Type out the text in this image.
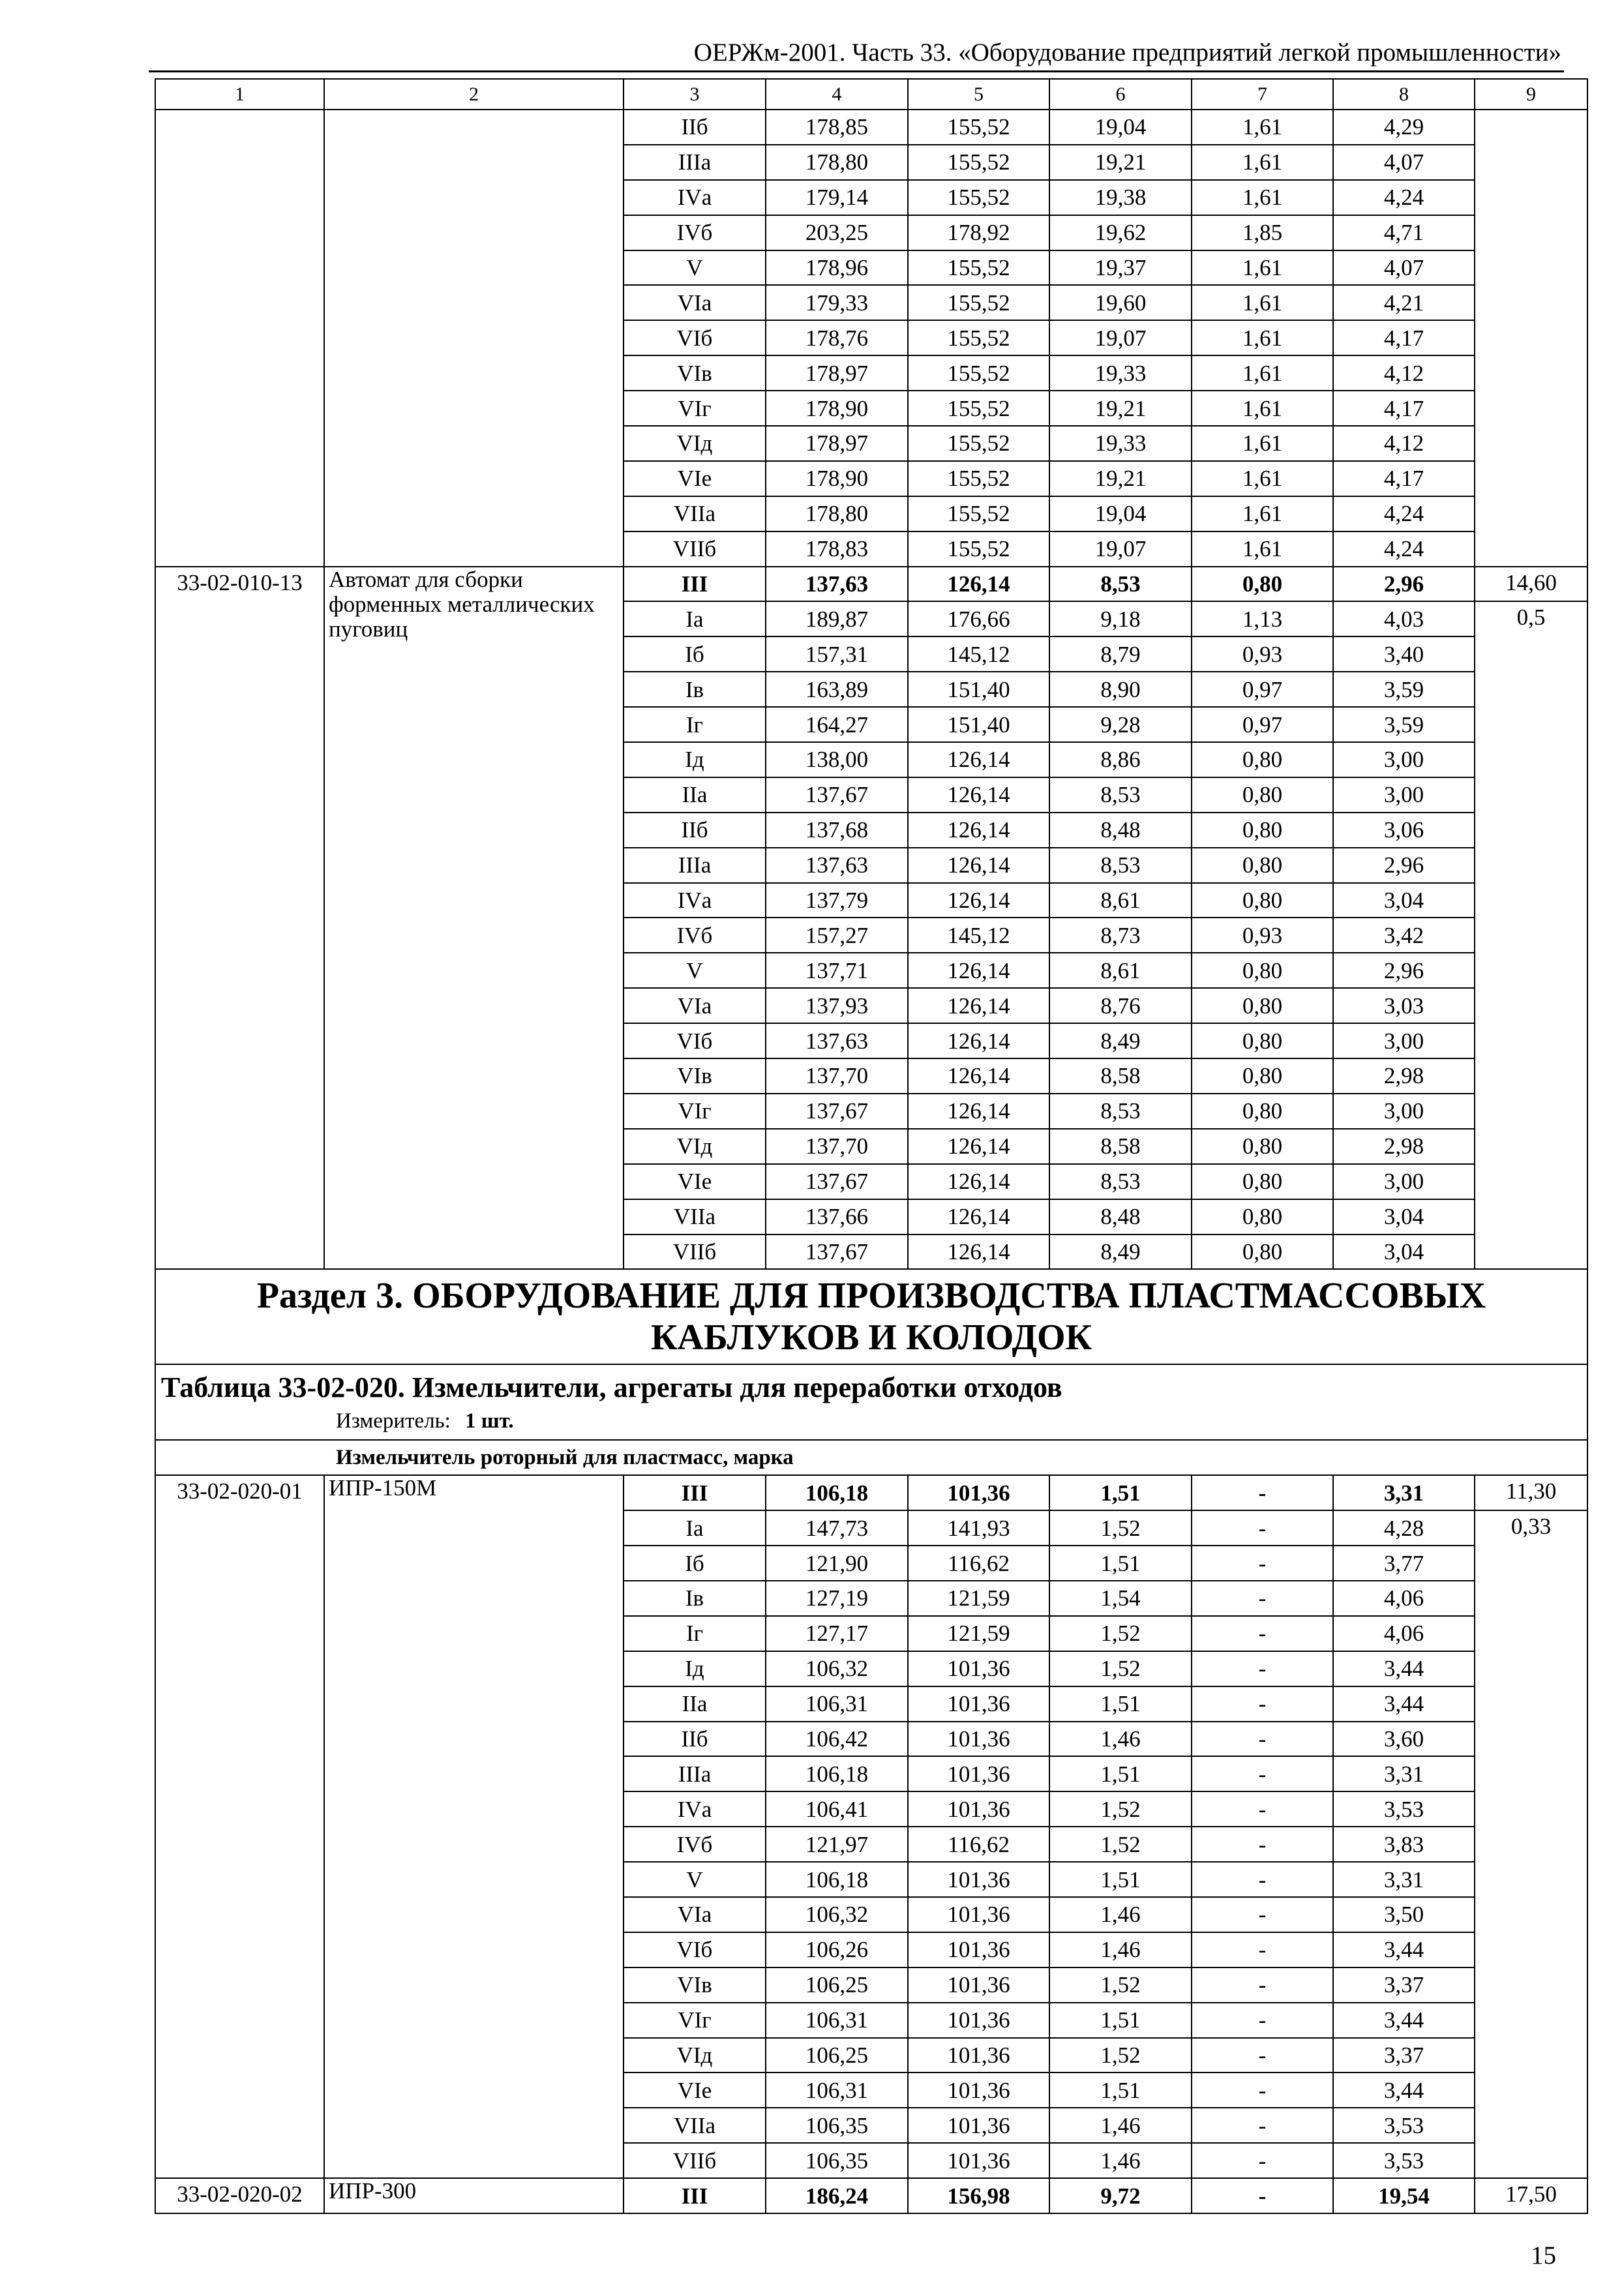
ОЕРЖм-2001. Часть 33. «Оборудование предприятий легкой промышленности»
1	2	3	4	5	6	7	8	9
		IIб	178,85	155,52	19,04	1,61	4,29	
		IIIа	178,80	155,52	19,21	1,61	4,07	
		IVа	179,14	155,52	19,38	1,61	4,24	
		IVб	203,25	178,92	19,62	1,85	4,71	
		V	178,96	155,52	19,37	1,61	4,07	
		VIа	179,33	155,52	19,60	1,61	4,21	
		VIб	178,76	155,52	19,07	1,61	4,17	
		VIв	178,97	155,52	19,33	1,61	4,12	
		VIг	178,90	155,52	19,21	1,61	4,17	
		VIд	178,97	155,52	19,33	1,61	4,12	
		VIе	178,90	155,52	19,21	1,61	4,17	
		VIIа	178,80	155,52	19,04	1,61	4,24	
		VIIб	178,83	155,52	19,07	1,61	4,24	
33-02-010-13	Автомат для сборки форменных металлических пуговиц	III	137,63	126,14	8,53	0,80	2,96	14,60
		Iа	189,87	176,66	9,18	1,13	4,03	0,5
		Iб	157,31	145,12	8,79	0,93	3,40	
		Iв	163,89	151,40	8,90	0,97	3,59	
		Iг	164,27	151,40	9,28	0,97	3,59	
		Iд	138,00	126,14	8,86	0,80	3,00	
		IIа	137,67	126,14	8,53	0,80	3,00	
		IIб	137,68	126,14	8,48	0,80	3,06	
		IIIа	137,63	126,14	8,53	0,80	2,96	
		IVа	137,79	126,14	8,61	0,80	3,04	
		IVб	157,27	145,12	8,73	0,93	3,42	
		V	137,71	126,14	8,61	0,80	2,96	
		VIа	137,93	126,14	8,76	0,80	3,03	
		VIб	137,63	126,14	8,49	0,80	3,00	
		VIв	137,70	126,14	8,58	0,80	2,98	
		VIг	137,67	126,14	8,53	0,80	3,00	
		VIд	137,70	126,14	8,58	0,80	2,98	
		VIе	137,67	126,14	8,53	0,80	3,00	
		VIIа	137,66	126,14	8,48	0,80	3,04	
		VIIб	137,67	126,14	8,49	0,80	3,04	
Раздел 3. ОБОРУДОВАНИЕ ДЛЯ ПРОИЗВОДСТВА ПЛАСТМАССОВЫХ КАБЛУКОВ И КОЛОДОК								

Таблица 33-02-020. Измельчители, агрегаты для переработки отходов
Измеритель: 1 шт.								

Измельчитель роторный для пластмасс, марка								
33-02-020-01	ИПР-150М	III	106,18	101,36	1,51	-	3,31	11,30
		Iа	147,73	141,93	1,52	-	4,28	0,33
		Iб	121,90	116,62	1,51	-	3,77	
		Iв	127,19	121,59	1,54	-	4,06	
		Iг	127,17	121,59	1,52	-	4,06	
		Iд	106,32	101,36	1,52	-	3,44	
		IIа	106,31	101,36	1,51	-	3,44	
		IIб	106,42	101,36	1,46	-	3,60	
		IIIа	106,18	101,36	1,51	-	3,31	
		IVа	106,41	101,36	1,52	-	3,53	
		IVб	121,97	116,62	1,52	-	3,83	
		V	106,18	101,36	1,51	-	3,31	
		VIа	106,32	101,36	1,46	-	3,50	
		VIб	106,26	101,36	1,46	-	3,44	
		VIв	106,25	101,36	1,52	-	3,37	
		VIг	106,31	101,36	1,51	-	3,44	
		VIд	106,25	101,36	1,52	-	3,37	
		VIе	106,31	101,36	1,51	-	3,44	
		VIIа	106,35	101,36	1,46	-	3,53	
		VIIб	106,35	101,36	1,46	-	3,53	
33-02-020-02	ИПР-300	III	186,24	156,98	9,72	-	19,54	17,50
15
